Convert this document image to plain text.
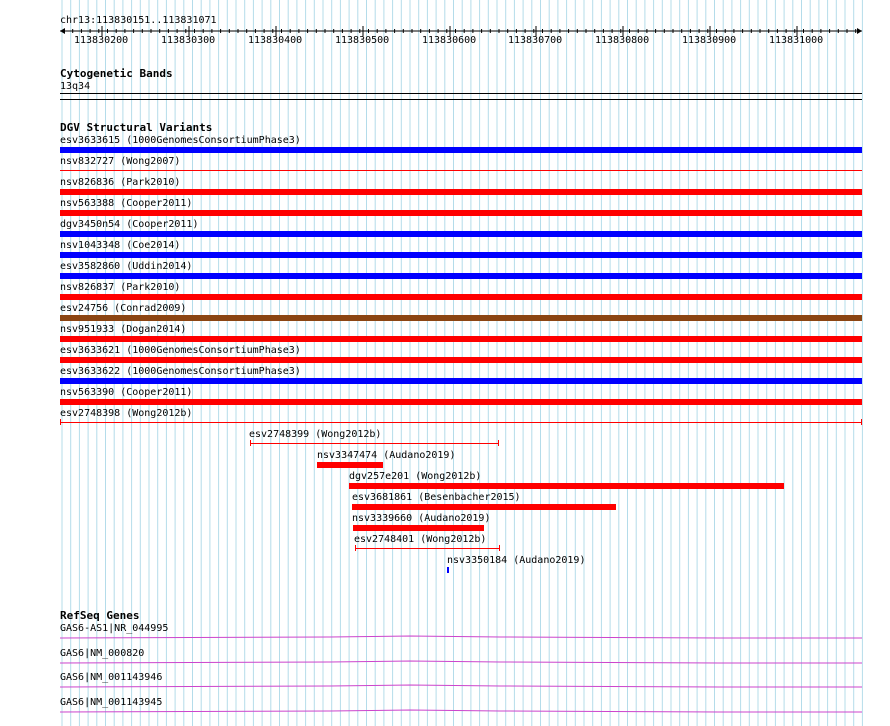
chr13:113830151..113831071
113830200	113830300	113830400	113830500	113830600	113830700	113830800	113830900	113831000
Cytogenetic Bands
13q34
DGV Structural Variants
esv3633615 (1000GenomesConsortiumPhase3)
nsv832727 (Wong2007)
nsv826836 (Park2010)
nsv563388 (Cooper2011)
dgv3450n54 (Cooper2011)
nsv1043348 (Coe2014)
esv3582860 (Uddin2014)
nsv826837 (Park2010)
esv24756 (Conrad2009)
nsv951933 (Dogan2014)
esv3633621 (1000GenomesConsortiumPhase3)
esv3633622 (1000GenomesConsortiumPhase3)
nsv563390 (Cooper2011)
esv2748398 (Wong2012b)
esv2748399 (Wong2012b)
nsv3347474 (Audano2019)
dgv257e201 (Wong2012b)
esv3681861 (Besenbacher2015)
nsv3339660 (Audano2019)
esv2748401 (Wong2012b)
nsv3350184 (Audano2019)
RefSeq Genes
GAS6-AS1|NR_044995
GAS6|NM_000820
GAS6|NM_001143946
GAS6|NM_001143945
